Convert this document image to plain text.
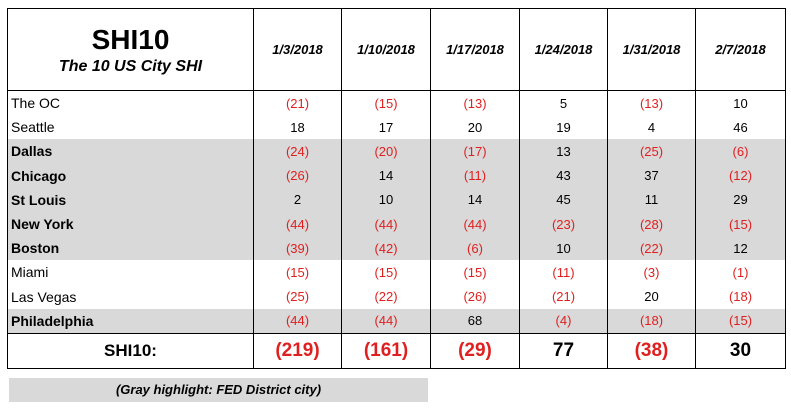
SHI10
The 10 US City SHI	1/3/2018	1/10/2018	1/17/2018	1/24/2018	1/31/2018	2/7/2018
The OC	(21)	(15)	(13)	5	(13)	10
Seattle	18	17	20	19	4	46
Dallas	(24)	(20)	(17)	13	(25)	(6)
Chicago	(26)	14	(11)	43	37	(12)
St Louis	2	10	14	45	11	29
New York	(44)	(44)	(44)	(23)	(28)	(15)
Boston	(39)	(42)	(6)	10	(22)	12
Miami	(15)	(15)	(15)	(11)	(3)	(1)
Las Vegas	(25)	(22)	(26)	(21)	20	(18)
Philadelphia	(44)	(44)	68	(4)	(18)	(15)
SHI10:	(219)	(161)	(29)	77	(38)	30
(Gray highlight: FED District city)
